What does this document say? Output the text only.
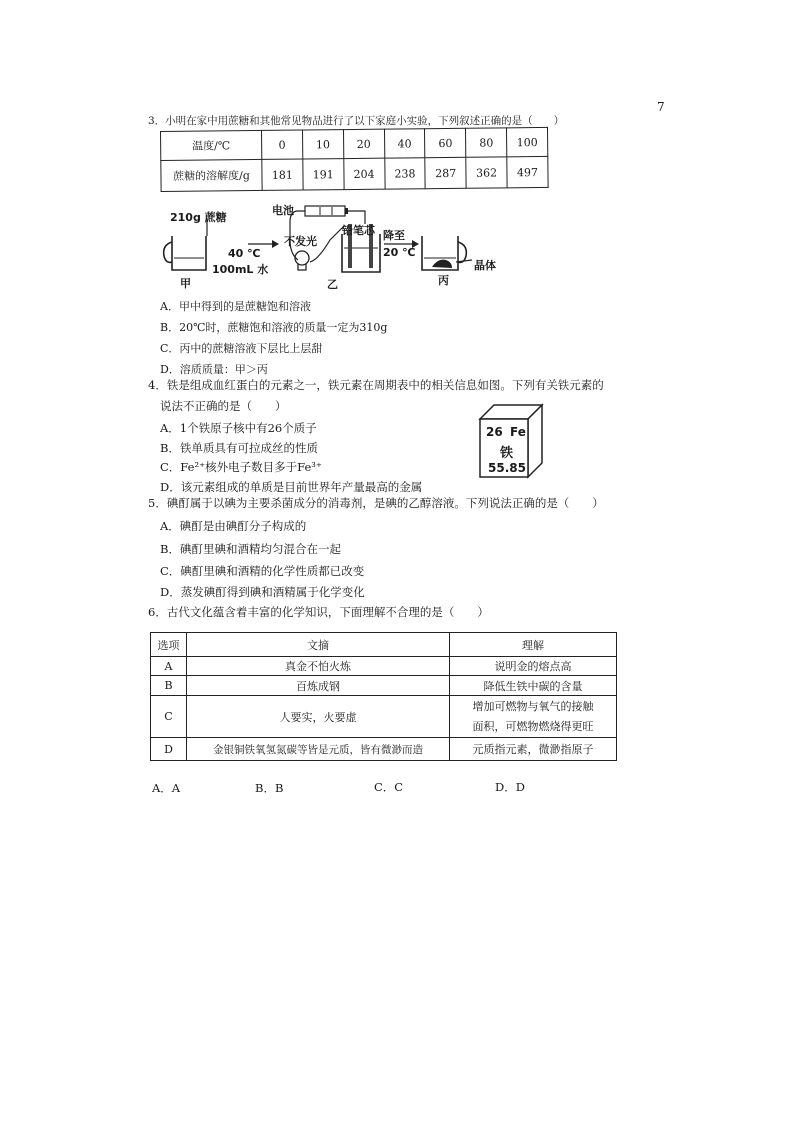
7
3．小明在家中用蔗糖和其他常见物品进行了以下家庭小实验，下列叙述正确的是（　　）
温度/℃	0	10	20	40	60	80	100
蔗糖的溶解度/g	181	191	204	238	287	362	497
210g 蔗糖
40 ℃
100mL 水
电池
不发光
铅笔芯 降至
20 ℃
晶体
甲	乙	丙
A．甲中得到的是蔗糖饱和溶液
B．20℃时，蔗糖饱和溶液的质量一定为310g
C．丙中的蔗糖溶液下层比上层甜
D．溶质质量：甲＞丙
4．铁是组成血红蛋白的元素之一，铁元素在周期表中的相关信息如图。下列有关铁元素的
说法不正确的是（　　）
A．1个铁原子核中有26个质子
B．铁单质具有可拉成丝的性质
C．Fe²⁺核外电子数目多于Fe³⁺
D．该元素组成的单质是目前世界年产量最高的金属
26 Fe
铁
55.85
5．碘酊属于以碘为主要杀菌成分的消毒剂，是碘的乙醇溶液。下列说法正确的是（　　）
A．碘酊是由碘酊分子构成的
B．碘酊里碘和酒精均匀混合在一起
C．碘酊里碘和酒精的化学性质都已改变
D．蒸发碘酊得到碘和酒精属于化学变化
6．古代文化蕴含着丰富的化学知识，下面理解不合理的是（　　）
选项	文摘	理解
A	真金不怕火炼	说明金的熔点高
B	百炼成钢	降低生铁中碳的含量
C	人要实，火要虚	增加可燃物与氧气的接触
面积，可燃物燃烧得更旺

D	金银铜铁氧氢氮碳等皆是元质，皆有微渺而造	元质指元素，微渺指原子
A．A	B．B	C．C	D．D
